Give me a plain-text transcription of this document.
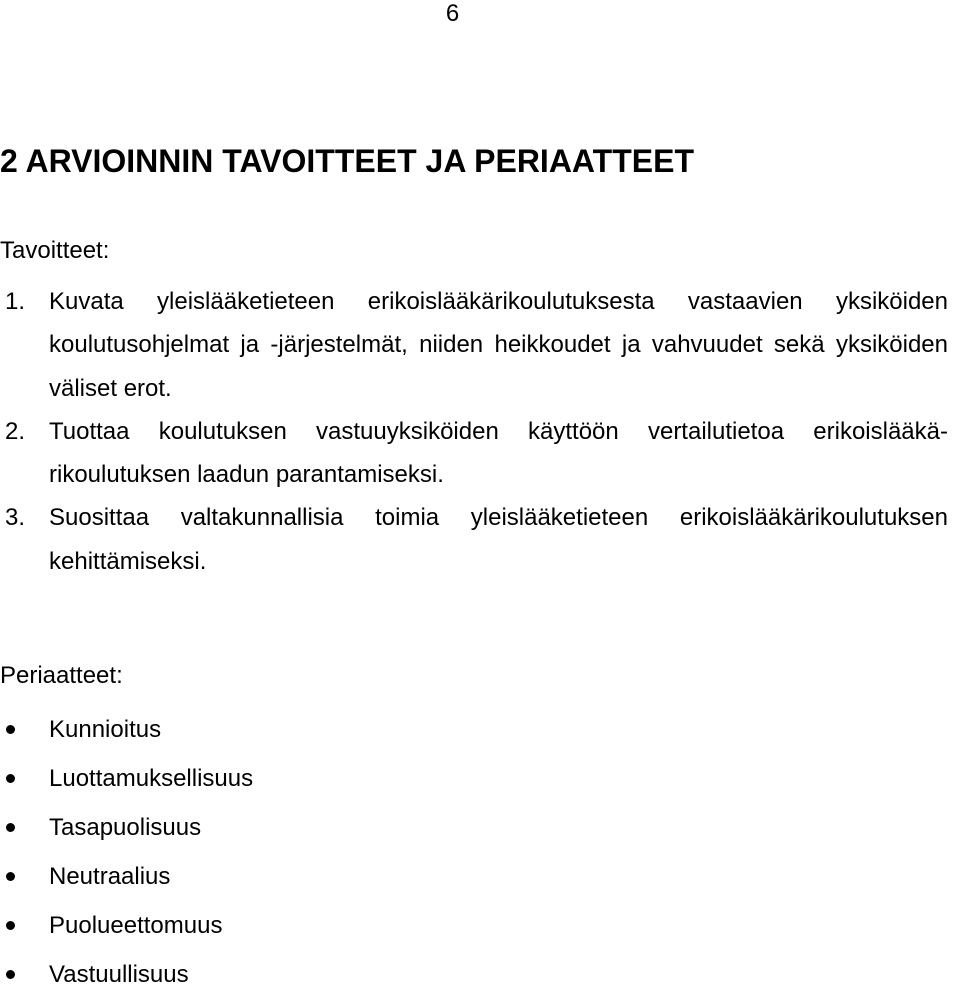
6
2 ARVIOINNIN TAVOITTEET JA PERIAATTEET
Tavoitteet:
1. Kuvata yleislääketieteen erikoislääkärikoulutuksesta vastaavien yksiköiden koulutusohjelmat ja -järjestelmät, niiden heikkoudet ja vahvuudet sekä yksiköiden väliset erot.
2. Tuottaa koulutuksen vastuuyksiköiden käyttöön vertailutietoa erikoislääkärikoulutuksen laadun parantamiseksi.
3. Suosittaa valtakunnallisia toimia yleislääketieteen erikoislääkärikoulutuksen kehittämiseksi.
Periaatteet:
Kunnioitus
Luottamuksellisuus
Tasapuolisuus
Neutraalius
Puolueettomuus
Vastuullisuus
